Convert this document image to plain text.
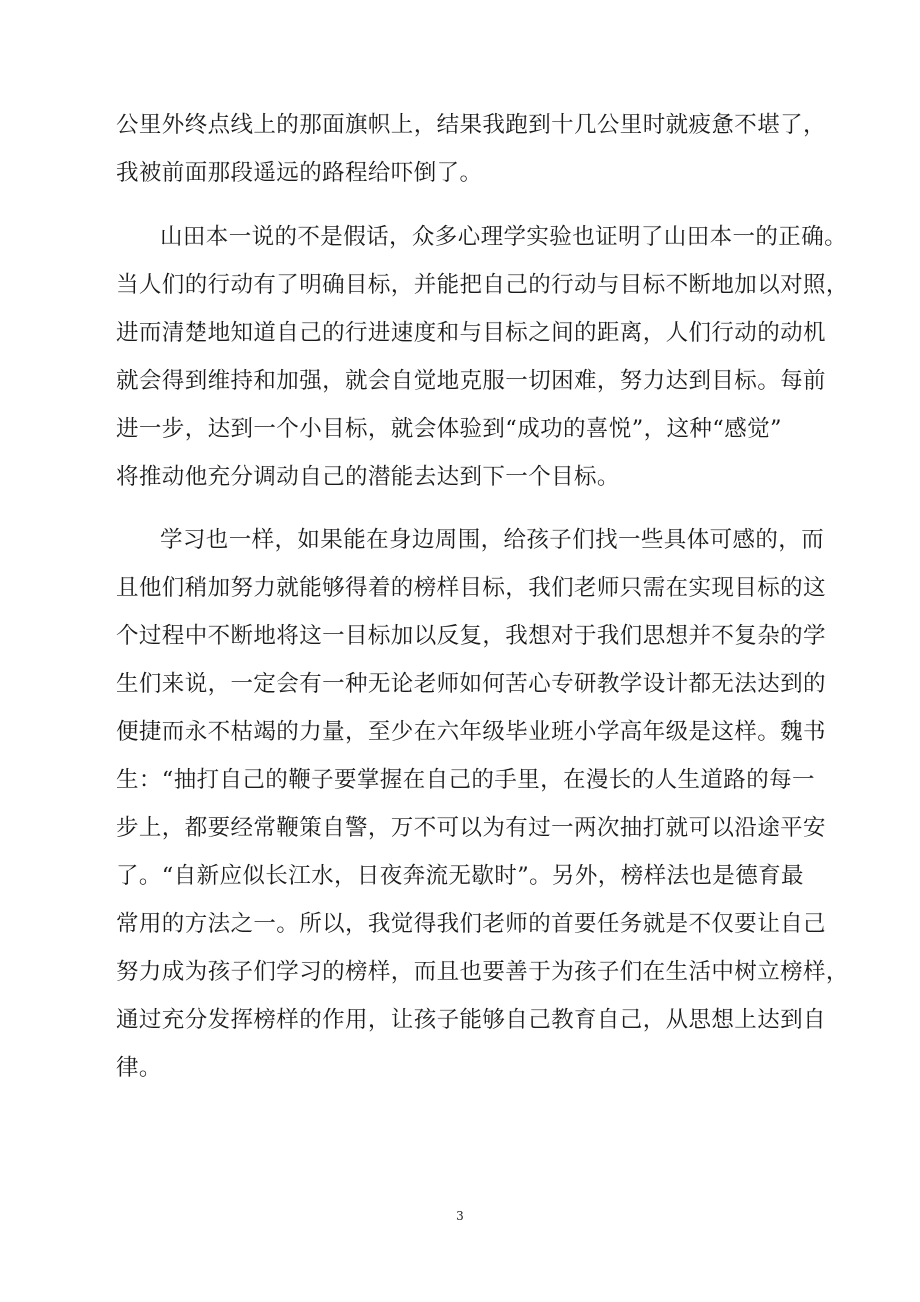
公里外终点线上的那面旗帜上，结果我跑到十几公里时就疲惫不堪了，
我被前面那段遥远的路程给吓倒了。
山田本一说的不是假话，众多心理学实验也证明了山田本一的正确。
当人们的行动有了明确目标，并能把自己的行动与目标不断地加以对照，
进而清楚地知道自己的行进速度和与目标之间的距离，人们行动的动机
就会得到维持和加强，就会自觉地克服一切困难，努力达到目标。每前
进一步，达到一个小目标，就会体验到“成功的喜悦”，这种“感觉”
将推动他充分调动自己的潜能去达到下一个目标。
学习也一样，如果能在身边周围，给孩子们找一些具体可感的，而
且他们稍加努力就能够得着的榜样目标，我们老师只需在实现目标的这
个过程中不断地将这一目标加以反复，我想对于我们思想并不复杂的学
生们来说，一定会有一种无论老师如何苦心专研教学设计都无法达到的
便捷而永不枯竭的力量，至少在六年级毕业班小学高年级是这样。魏书
生：“抽打自己的鞭子要掌握在自己的手里，在漫长的人生道路的每一
步上，都要经常鞭策自警，万不可以为有过一两次抽打就可以沿途平安
了。“自新应似长江水，日夜奔流无歇时”。另外，榜样法也是德育最
常用的方法之一。所以，我觉得我们老师的首要任务就是不仅要让自己
努力成为孩子们学习的榜样，而且也要善于为孩子们在生活中树立榜样，
通过充分发挥榜样的作用，让孩子能够自己教育自己，从思想上达到自
律。
3
